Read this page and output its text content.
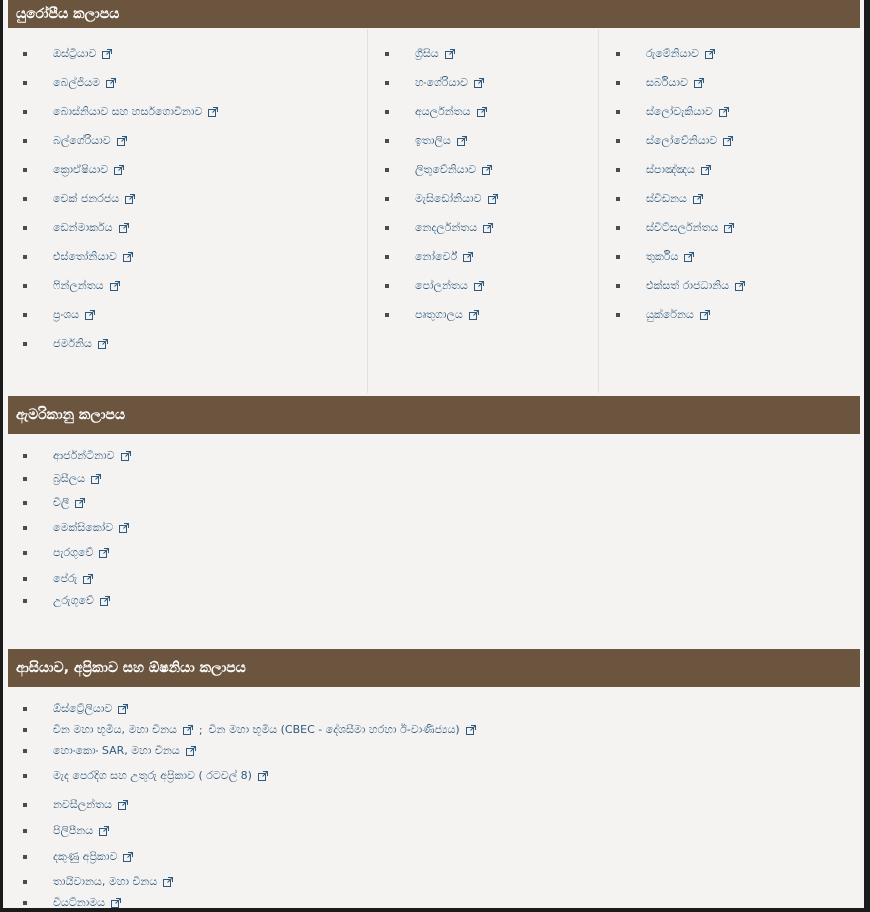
යුරෝපීය කලාපය
ඔස්ට්‍රියාව
බෙල්ජියම
බොස්නියාව සහ හර්සගොවිනාව
බල්ගේරියාව
ක්‍රොඒෂියාව
චෙක් ජනරජය
ඩෙන්මාර්කය
එස්තෝනියාව
ෆින්ලන්තය
ප්‍රංශය
ජර්මනිය
ග්‍රීසිය
හංගේරියාව
අයර්ලන්තය
ඉතාලිය
ලිතුවේනියාව
මැසිඩෝනියාව
නෙදර්ලන්තය
නෝර්වේ
පෝලන්තය
පෘතුගාලය
රුමේනියාව
සර්බියාව
ස්ලෝවැකියාව
ස්ලෝවේනියාව
ස්පාඤ්ඤය
ස්වීඩනය
ස්විට්සර්ලන්තය
තුර්කිය
එක්සත් රාජධානිය
යුක්රේනය
ඇමරිකානු කලාපය
ආර්ජන්ටිනාව
බ්‍රසීලය
චිලී
මෙක්සිකෝව
පැරගුවේ
පේරු
උරුගුවේ
ආසියාව, අප්‍රිකාව සහ ඕෂනියා කලාපය
ඕස්ට්‍රේලියාව
චීන මහා භූමිය, මහා චීනය ; චීන මහා භූමිය (CBEC - දේශසීමා හරහා ඊ-වාණිජ්‍යය)
හොංකොං SAR, මහා චීනය
මැද පෙරදිග සහ උතුරු අප්‍රිකාව ( රටවල් 8)
නවසීලන්තය
පිලිපීනය
දකුණු අප්‍රිකාව
තායිවානය, මහා චීනය
වියට්නාමය
